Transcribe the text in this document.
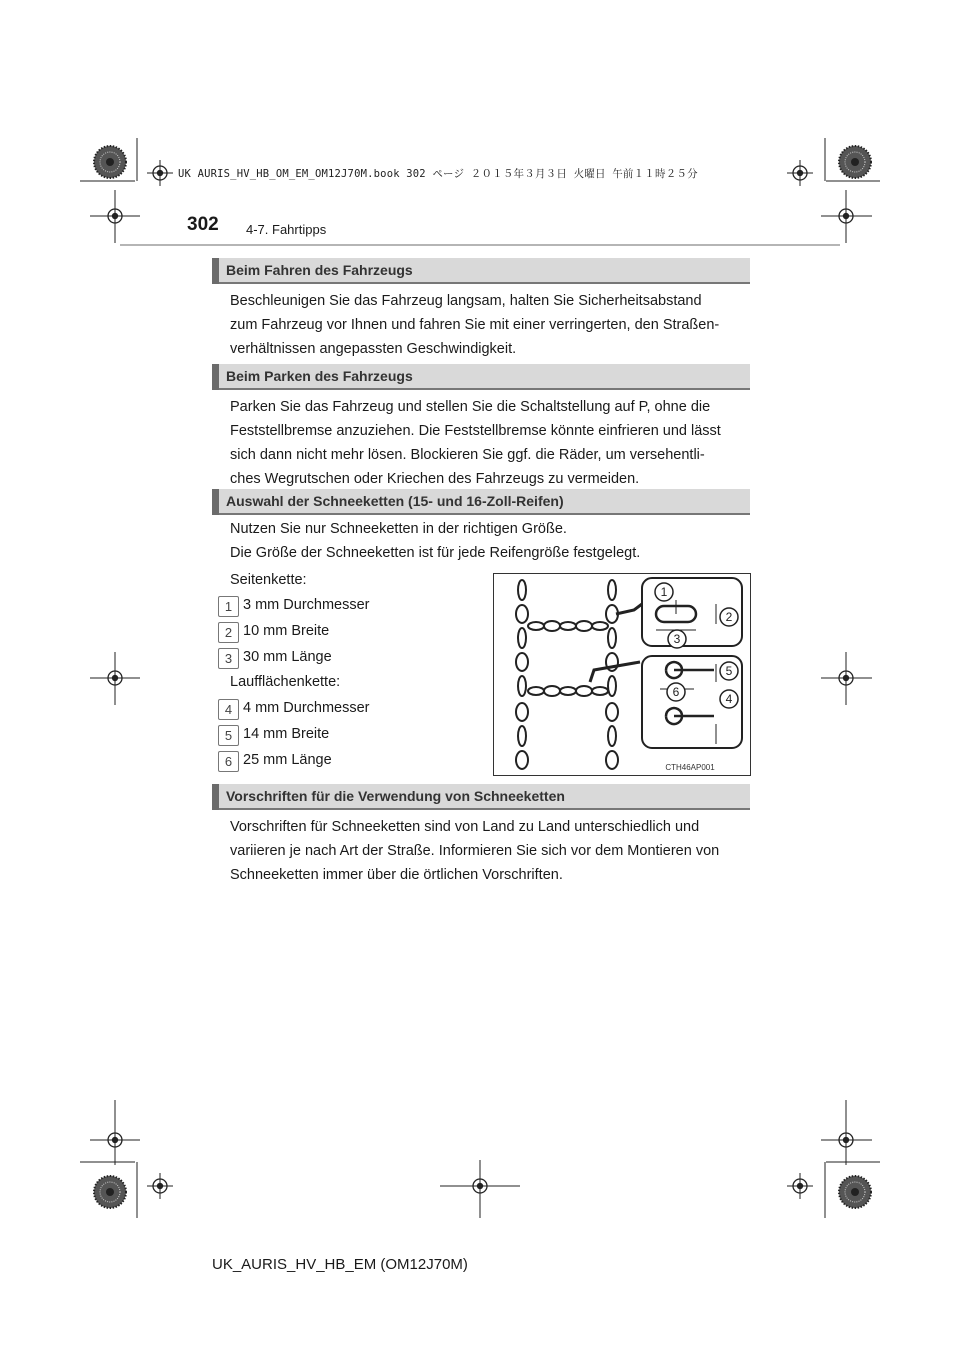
UK AURIS_HV_HB_OM_EM_OM12J70M.book 302 ページ ２０１５年３月３日 火曜日 午前１１時２５分
302 4-7. Fahrtipps
Beim Fahren des Fahrzeugs
Beschleunigen Sie das Fahrzeug langsam, halten Sie Sicherheitsabstand
zum Fahrzeug vor Ihnen und fahren Sie mit einer verringerten, den Straßen-
verhältnissen angepassten Geschwindigkeit.
Beim Parken des Fahrzeugs
Parken Sie das Fahrzeug und stellen Sie die Schaltstellung auf P, ohne die
Feststellbremse anzuziehen. Die Feststellbremse könnte einfrieren und lässt
sich dann nicht mehr lösen. Blockieren Sie ggf. die Räder, um versehentli-
ches Wegrutschen oder Kriechen des Fahrzeugs zu vermeiden.
Auswahl der Schneeketten (15- und 16-Zoll-Reifen)
Nutzen Sie nur Schneeketten in der richtigen Größe.
Die Größe der Schneeketten ist für jede Reifengröße festgelegt.
Seitenkette:
1 3 mm Durchmesser
2 10 mm Breite
3 30 mm Länge
Laufflächenkette:
4 4 mm Durchmesser
5 14 mm Breite
6 25 mm Länge
1
2
3
4
5
6
CTH46AP001
Vorschriften für die Verwendung von Schneeketten
Vorschriften für Schneeketten sind von Land zu Land unterschiedlich und
variieren je nach Art der Straße. Informieren Sie sich vor dem Montieren von
Schneeketten immer über die örtlichen Vorschriften.
UK_AURIS_HV_HB_EM (OM12J70M)
